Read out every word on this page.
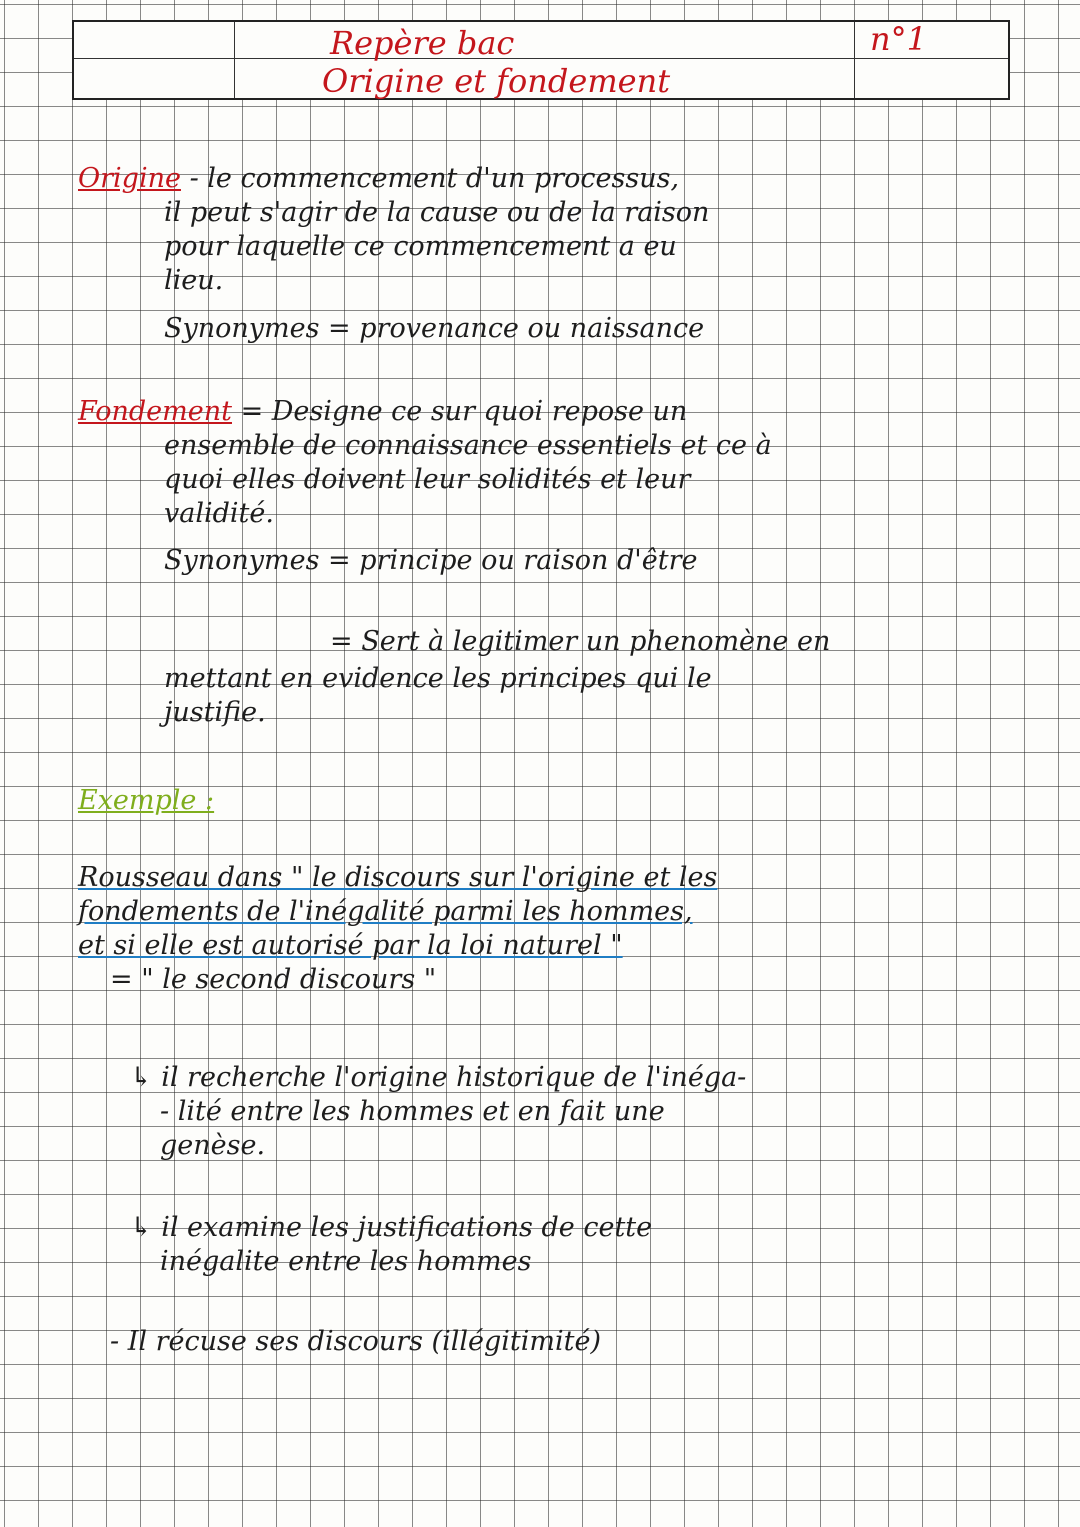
Repère bac
Origine et fondement
n°1
Origine - le commencement d'un processus,
il peut s'agir de la cause ou de la raison
pour laquelle ce commencement a eu
lieu.
Synonymes = provenance ou naissance
Fondement = Designe ce sur quoi repose un
ensemble de connaissance essentiels et ce à
quoi elles doivent leur solidités et leur
validité.
Synonymes = principe ou raison d'être
= Sert à legitimer un phenomène en
mettant en evidence les principes qui le
justifie.
Exemple :
Rousseau dans " le discours sur l'origine et les
fondements de l'inégalité parmi les hommes,
et si elle est autorisé par la loi naturel "
= " le second discours "
↳ il recherche l'origine historique de l'inéga-
- lité entre les hommes et en fait une
genèse.
↳ il examine les justifications de cette
inégalite entre les hommes
- Il récuse ses discours (illégitimité)
